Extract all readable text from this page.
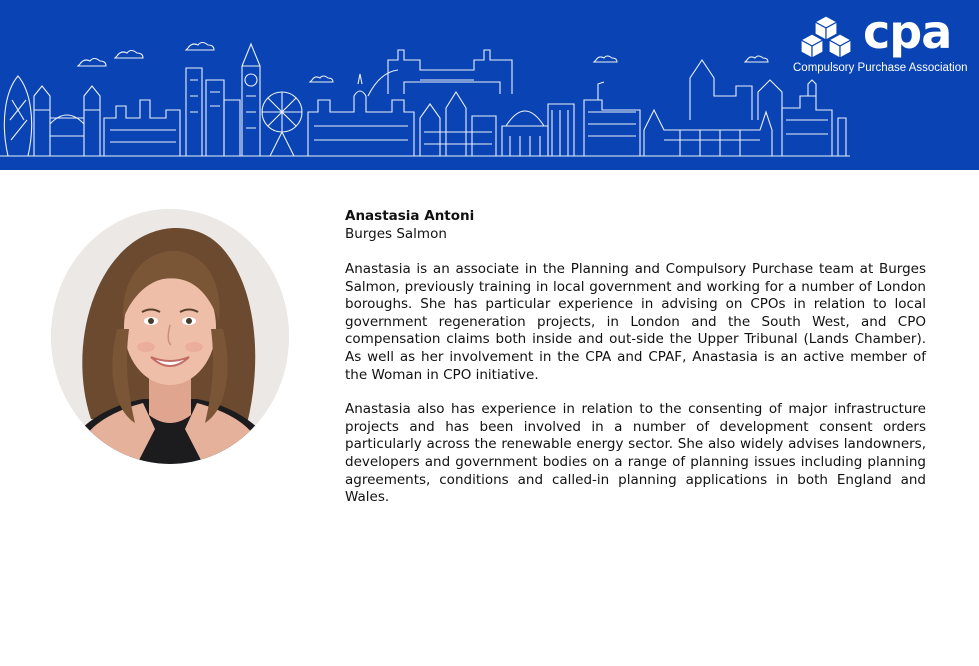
cpa
Compulsory Purchase Association

Anastasia Antoni

Burges Salmon

Anastasia is an associate in the Planning and Compulsory Purchase team at Burges Salmon, previously training in local government and working for a number of London boroughs. She has particular experience in advising on CPOs in relation to local government regeneration projects, in London and the South West, and CPO compensation claims both inside and out-side the Upper Tribunal (Lands Chamber). As well as her involvement in the CPA and CPAF, Anastasia is an active member of the Woman in CPO initiative.

Anastasia also has experience in relation to the consenting of major infrastructure projects and has been involved in a number of development consent orders particularly across the renewable energy sector. She also widely advises landowners, developers and government bodies on a range of planning issues including planning agreements, conditions and called-in planning applications in both England and Wales.
